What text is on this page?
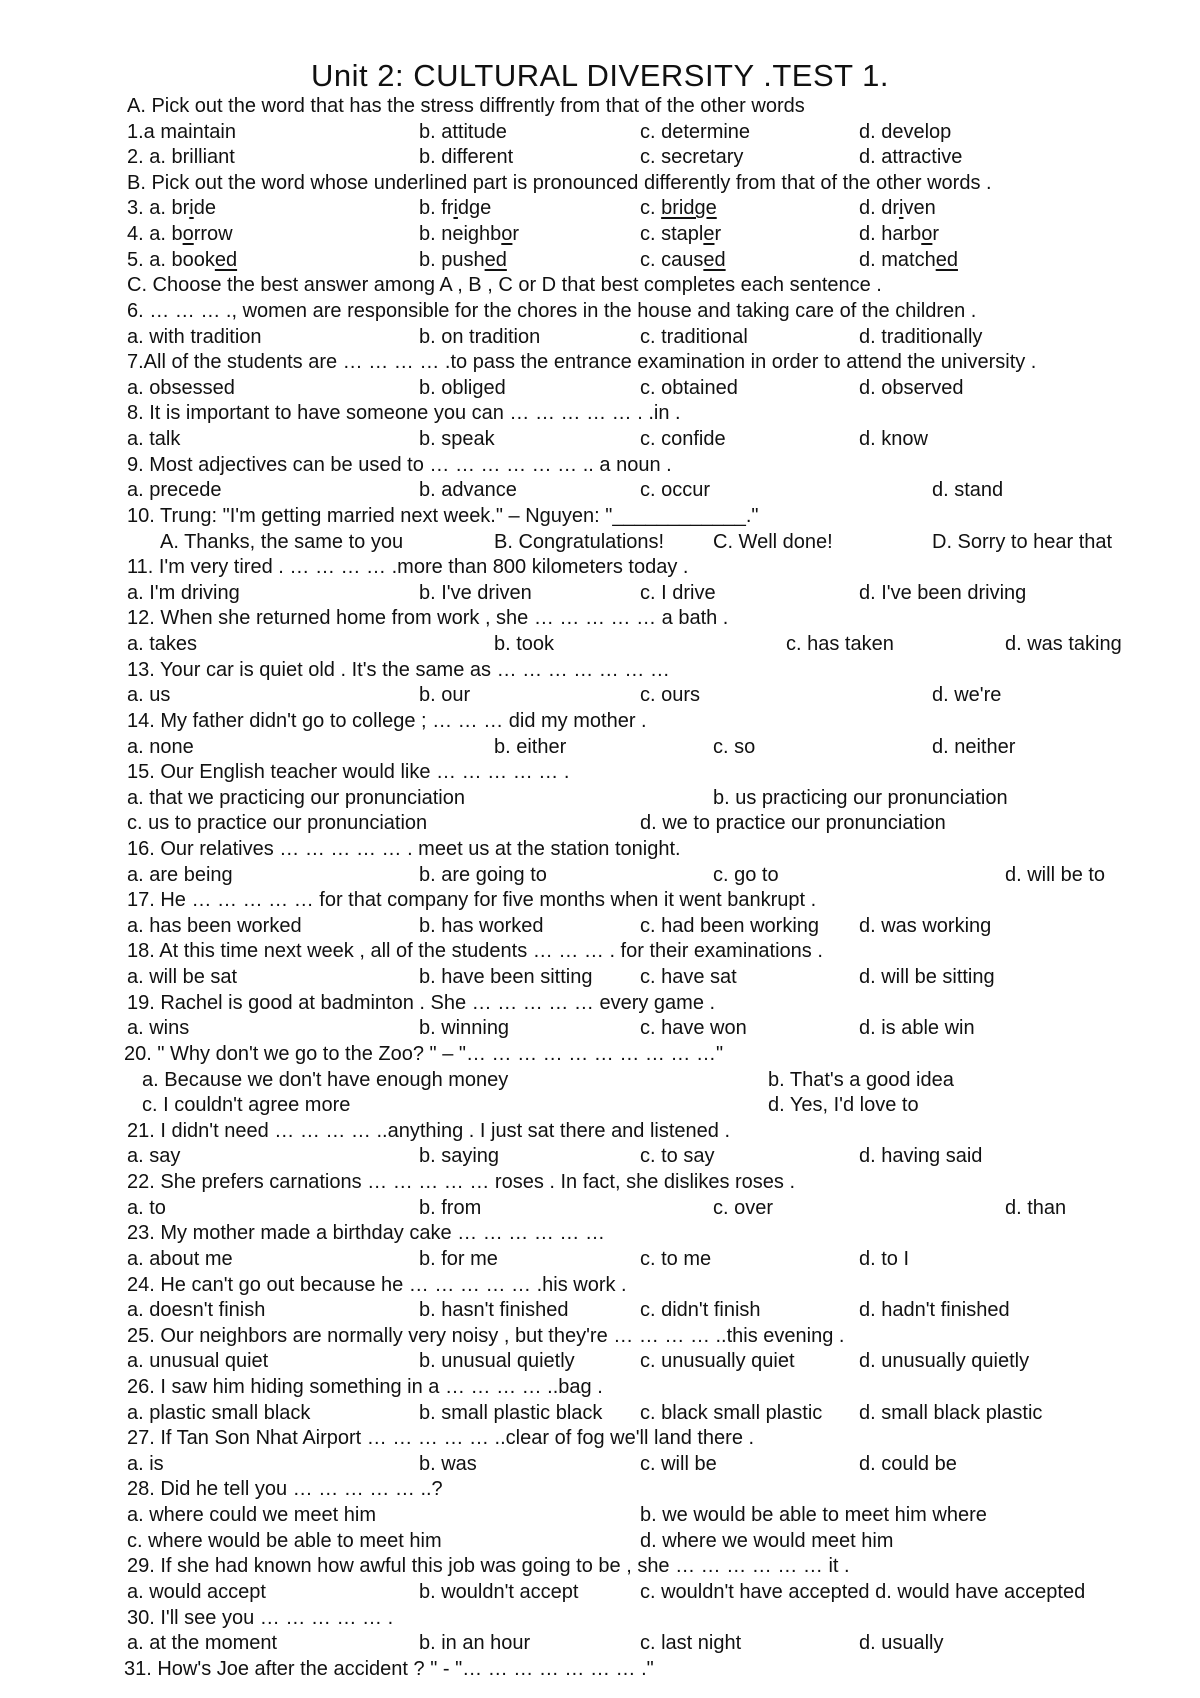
Unit 2: CULTURAL DIVERSITY .TEST 1.
A. Pick out the word that has the stress diffrently from that of the other words
1.a maintain	b. attitude	c. determine	d. develop
2. a. brilliant	b. different	c. secretary	d. attractive
B. Pick out the word whose underlined part is pronounced differently from that of the other words .
3. a. bride	b. fridge	c. bridge	d. driven
4. a. borrow	b. neighbor	c. stapler	d. harbor
5. a. booked	b. pushed	c. caused	d. matched
C. Choose the best answer among A , B , C or D that best completes each sentence .
6. … … … ., women are responsible for the chores in the house and taking care of the children .
a. with tradition	b. on tradition	c. traditional	d. traditionally
7.All of the students are … … … … .to pass the entrance examination in order to attend the university .
a. obsessed	b. obliged	c. obtained	d. observed
8. It is important to have someone you can … … … … … . .in .
a. talk	b. speak	c. confide	d. know
9. Most adjectives can be used to … … … … … … .. a noun .
a. precede	b. advance	c. occur	d. stand
10. Trung: "I'm getting married next week." – Nguyen: "____________."
A. Thanks, the same to you	B. Congratulations! C. Well done!	D. Sorry to hear that
11. I'm very tired . … … … … .more than 800 kilometers today .
a. I'm driving	b. I've driven	c. I drive	d. I've been driving
12. When she returned home from work , she … … … … … a bath .
a. takes	b. took	c. has taken	d. was taking
13. Your car is quiet old . It's the same as … … … … … … …
a. us	b. our	c. ours	d. we're
14. My father didn't go to college ; … … … did my mother .
a. none	b. either	c. so	d. neither
15. Our English teacher would like … … … … … .
a. that we practicing our pronunciation	b. us practicing our pronunciation
c. us to practice our pronunciation	d. we to practice our pronunciation
16. Our relatives … … … … … . meet us at the station tonight.
a. are being	b. are going to	c. go to	d. will be to
17. He … … … … … for that company for five months when it went bankrupt .
a. has been worked	b. has worked	c. had been working d. was working
18. At this time next week , all of the students … … … . for their examinations .
a. will be sat	b. have been sitting c. have sat	d. will be sitting
19. Rachel is good at badminton . She … … … … … every game .
a. wins	b. winning	c. have won	d. is able win
20. " Why don't we go to the Zoo? " – "… … … … … … … … … …"
a. Because we don't have enough money	b. That's a good idea
c. I couldn't agree more	d. Yes, I'd love to
21. I didn't need … … … … ..anything . I just sat there and listened .
a. say	b. saying	c. to say	d. having said
22. She prefers carnations … … … … … roses . In fact, she dislikes roses .
a. to	b. from	c. over	d. than
23. My mother made a birthday cake … … … … … …
a. about me	b. for me	c. to me	d. to I
24. He can't go out because he … … … … … .his work .
a. doesn't finish	b. hasn't finished	c. didn't finish	d. hadn't finished
25. Our neighbors are normally very noisy , but they're … … … … ..this evening .
a. unusual quiet	b. unusual quietly	c. unusually quiet	d. unusually quietly
26. I saw him hiding something in a … … … … ..bag .
a. plastic small black	b. small plastic black c. black small plastic d. small black plastic
27. If Tan Son Nhat Airport … … … … … ..clear of fog we'll land there .
a. is	b. was	c. will be	d. could be
28. Did he tell you … … … … … ..?
a. where could we meet him	b. we would be able to meet him where
c. where would be able to meet him	d. where we would meet him
29. If she had known how awful this job was going to be , she … … … … … … it .
a. would accept	b. wouldn't accept	c. wouldn't have accepted d. would have accepted
30. I'll see you … … … … … .
a. at the moment	b. in an hour	c. last night	d. usually
31. How's Joe after the accident ? " - "… … … … … … … ."
